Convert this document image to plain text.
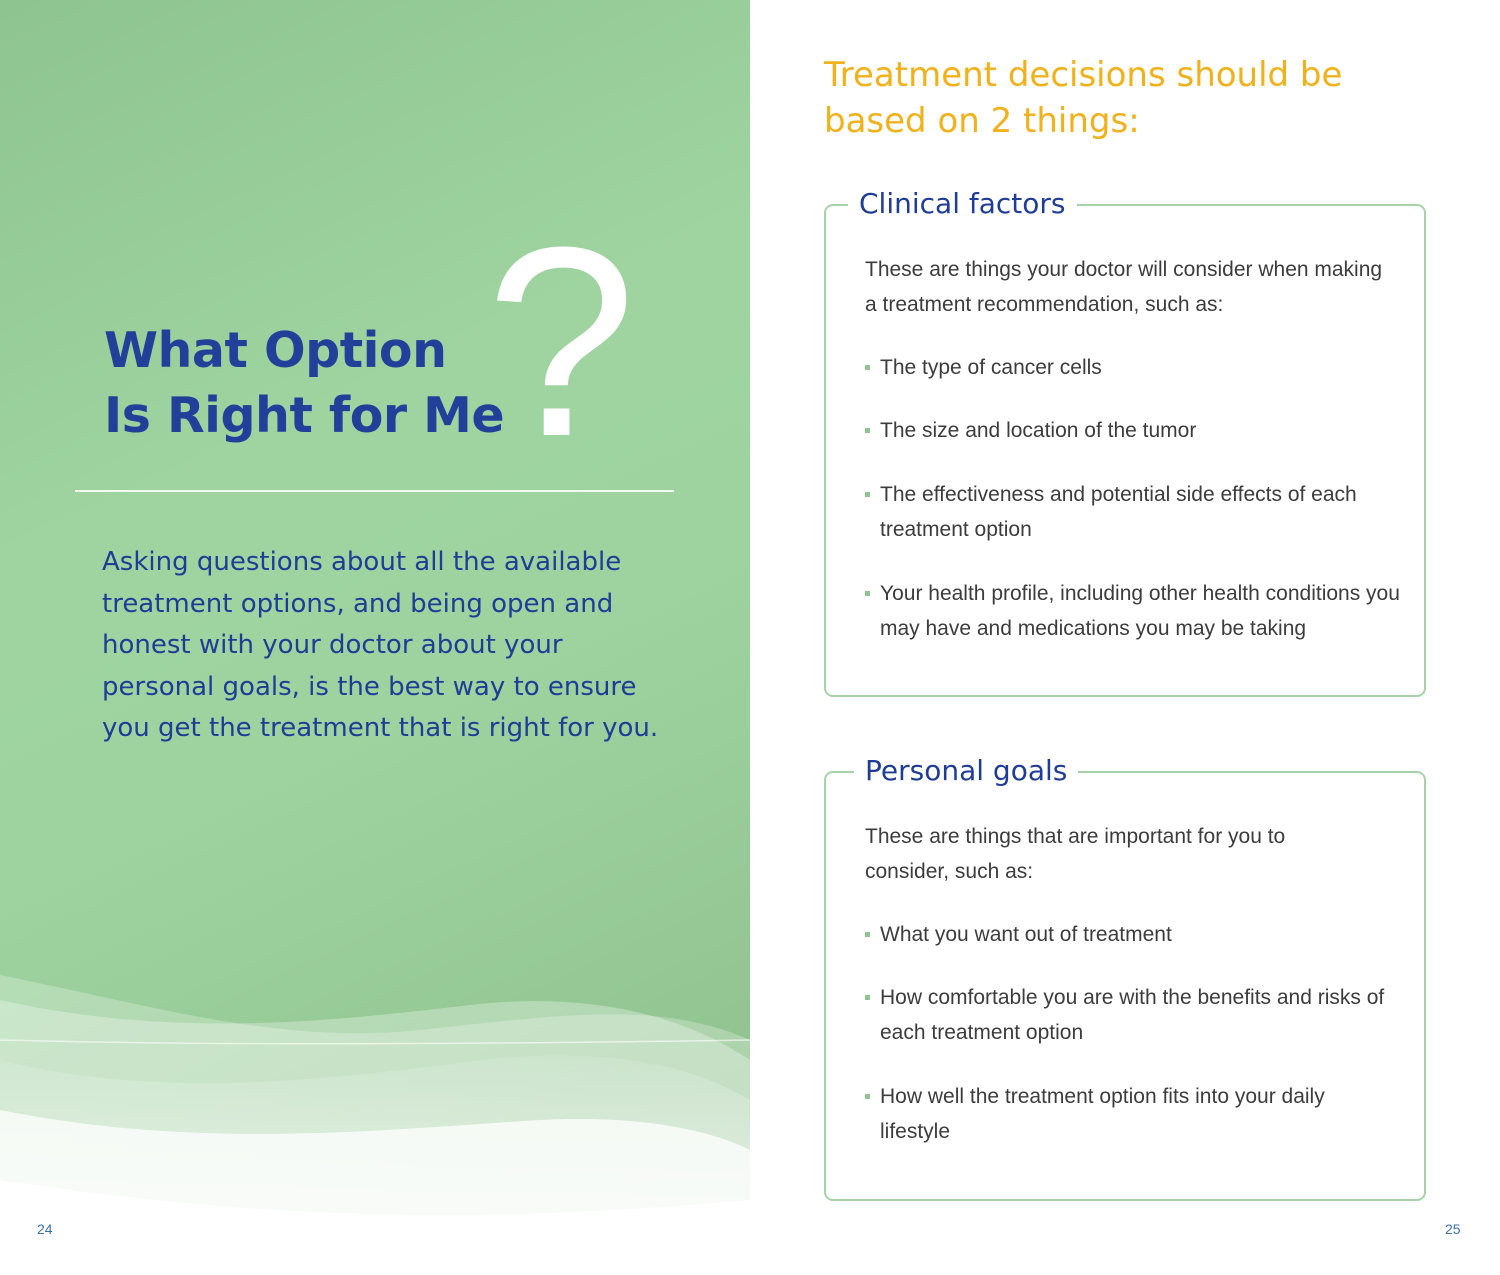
What Option
Is Right for Me
?

Asking questions about all the available treatment options, and being open and honest with your doctor about your personal goals, is the best way to ensure you get the treatment that is right for you.

24
Treatment decisions should be
based on 2 things:
Clinical factors

These are things your doctor will consider when making a treatment recommendation, such as:

The type of cancer cells
The size and location of the tumor
The effectiveness and potential side effects of each treatment option
Your health profile, including other health conditions you may have and medications you may be taking
Personal goals

These are things that are important for you to consider, such as:

What you want out of treatment
How comfortable you are with the benefits and risks of each treatment option
How well the treatment option fits into your daily lifestyle
25
